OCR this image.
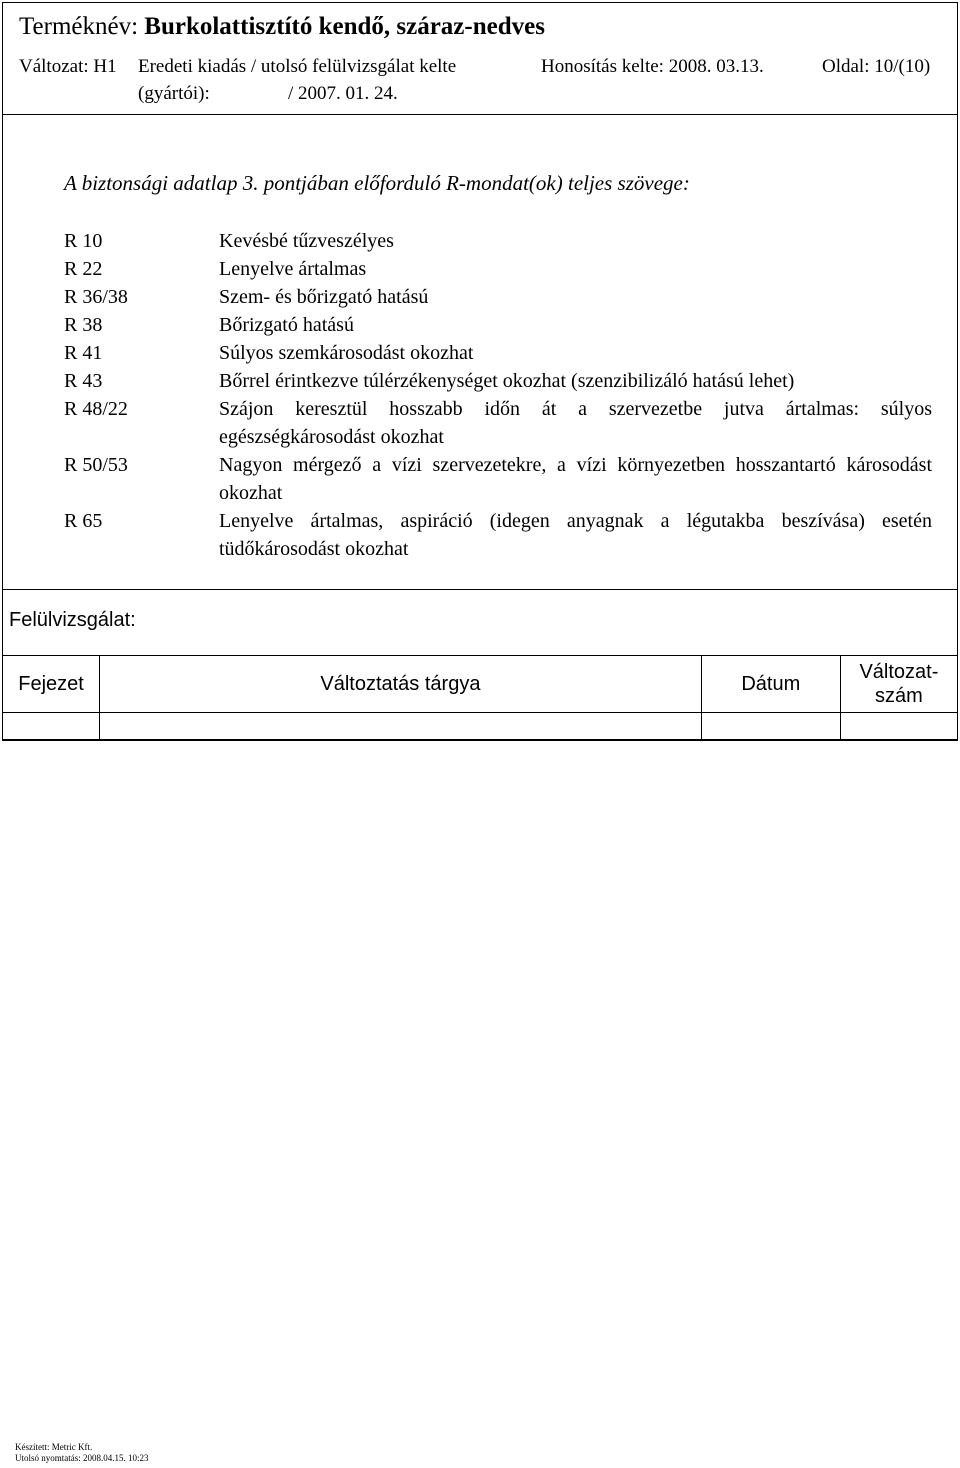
Terméknév: Burkolattisztító kendő, száraz-nedves
Változat: H1 Eredeti kiadás / utolsó felülvizsgálat kelte
(gyártói):	/ 2007. 01. 24.
Honosítás kelte: 2008. 03.13.	Oldal: 10/(10)
A biztonsági adatlap 3. pontjában előforduló R-mondat(ok) teljes szövege:
R 10	Kevésbé tűzveszélyes
R 22	Lenyelve ártalmas
R 36/38	Szem- és bőrizgató hatású
R 38	Bőrizgató hatású
R 41	Súlyos szemkárosodást okozhat
R 43	Bőrrel érintkezve túlérzékenységet okozhat (szenzibilizáló hatású lehet)
R 48/22	Szájon keresztül hosszabb időn át a szervezetbe jutva ártalmas: súlyos egészségkárosodást okozhat
R 50/53	Nagyon mérgező a vízi szervezetekre, a vízi környezetben hosszantartó károsodást okozhat
R 65	Lenyelve ártalmas, aspiráció (idegen anyagnak a légutakba beszívása) esetén tüdőkárosodást okozhat
Felülvizsgálat:
Fejezet	Változtatás tárgya	Dátum	Változat-
szám

Készített: Metric Kft.
Utolsó nyomtatás: 2008.04.15. 10:23
